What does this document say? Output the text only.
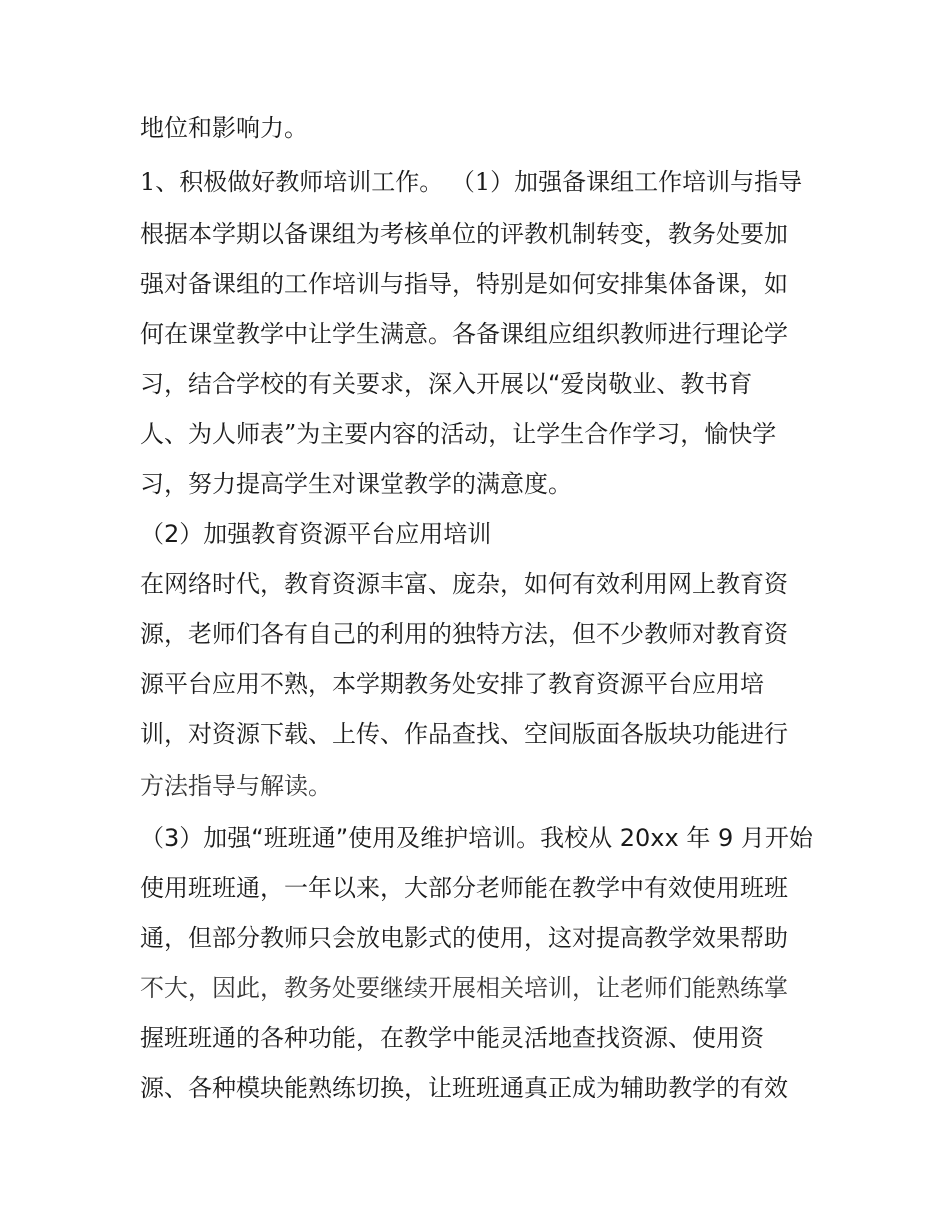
地位和影响力。
1、积极做好教师培训工作。 （1）加强备课组工作培训与指导
根据本学期以备课组为考核单位的评教机制转变，教务处要加
强对备课组的工作培训与指导，特别是如何安排集体备课，如
何在课堂教学中让学生满意。各备课组应组织教师进行理论学
习，结合学校的有关要求，深入开展以“爱岗敬业、教书育
人、为人师表”为主要内容的活动，让学生合作学习，愉快学
习，努力提高学生对课堂教学的满意度。
（2）加强教育资源平台应用培训
在网络时代，教育资源丰富、庞杂，如何有效利用网上教育资
源，老师们各有自己的利用的独特方法，但不少教师对教育资
源平台应用不熟，本学期教务处安排了教育资源平台应用培
训，对资源下载、上传、作品查找、空间版面各版块功能进行
方法指导与解读。
（3）加强“班班通”使用及维护培训。我校从 20xx 年 9 月开始
使用班班通，一年以来，大部分老师能在教学中有效使用班班
通，但部分教师只会放电影式的使用，这对提高教学效果帮助
不大，因此，教务处要继续开展相关培训，让老师们能熟练掌
握班班通的各种功能，在教学中能灵活地查找资源、使用资
源、各种模块能熟练切换，让班班通真正成为辅助教学的有效
